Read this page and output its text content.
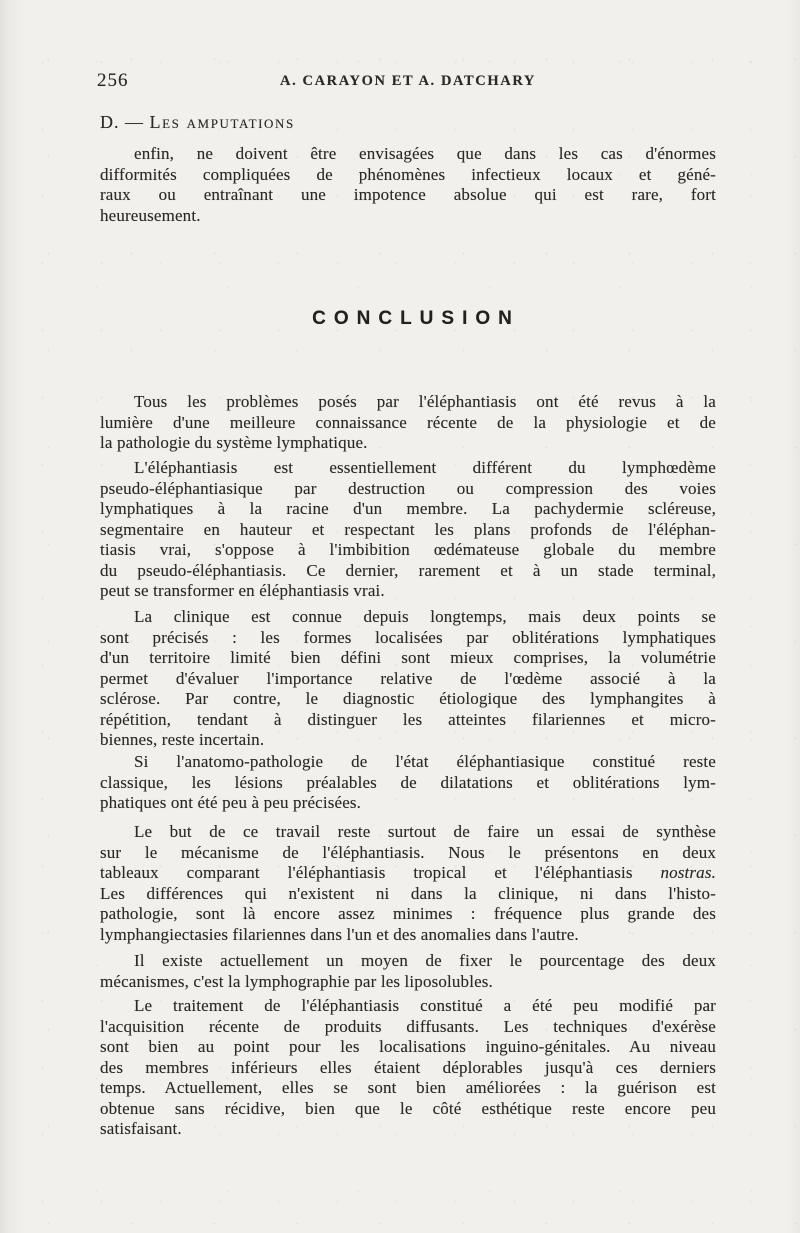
256	A. CARAYON ET A. DATCHARY
D. — Les amputations

enfin, ne doivent être envisagées que dans les cas d'énormes
difformités compliquées de phénomènes infectieux locaux et géné-
raux ou entraînant une impotence absolue qui est rare, fort
heureusement.

CONCLUSION

Tous les problèmes posés par l'éléphantiasis ont été revus à la
lumière d'une meilleure connaissance récente de la physiologie et de
la pathologie du système lymphatique.

L'éléphantiasis est essentiellement différent du lymphœdème
pseudo-éléphantiasique par destruction ou compression des voies
lymphatiques à la racine d'un membre. La pachydermie scléreuse,
segmentaire en hauteur et respectant les plans profonds de l'éléphan-
tiasis vrai, s'oppose à l'imbibition œdémateuse globale du membre
du pseudo-éléphantiasis. Ce dernier, rarement et à un stade terminal,
peut se transformer en éléphantiasis vrai.

La clinique est connue depuis longtemps, mais deux points se
sont précisés : les formes localisées par oblitérations lymphatiques
d'un territoire limité bien défini sont mieux comprises, la volumétrie
permet d'évaluer l'importance relative de l'œdème associé à la
sclérose. Par contre, le diagnostic étiologique des lymphangites à
répétition, tendant à distinguer les atteintes filariennes et micro-
biennes, reste incertain.

Si l'anatomo-pathologie de l'état éléphantiasique constitué reste
classique, les lésions préalables de dilatations et oblitérations lym-
phatiques ont été peu à peu précisées.

Le but de ce travail reste surtout de faire un essai de synthèse
sur le mécanisme de l'éléphantiasis. Nous le présentons en deux
tableaux comparant l'éléphantiasis tropical et l'éléphantiasis nostras.
Les différences qui n'existent ni dans la clinique, ni dans l'histo-
pathologie, sont là encore assez minimes : fréquence plus grande des
lymphangiectasies filariennes dans l'un et des anomalies dans l'autre.

Il existe actuellement un moyen de fixer le pourcentage des deux
mécanismes, c'est la lymphographie par les liposolubles.

Le traitement de l'éléphantiasis constitué a été peu modifié par
l'acquisition récente de produits diffusants. Les techniques d'exérèse
sont bien au point pour les localisations inguino-génitales. Au niveau
des membres inférieurs elles étaient déplorables jusqu'à ces derniers
temps. Actuellement, elles se sont bien améliorées : la guérison est
obtenue sans récidive, bien que le côté esthétique reste encore peu
satisfaisant.
